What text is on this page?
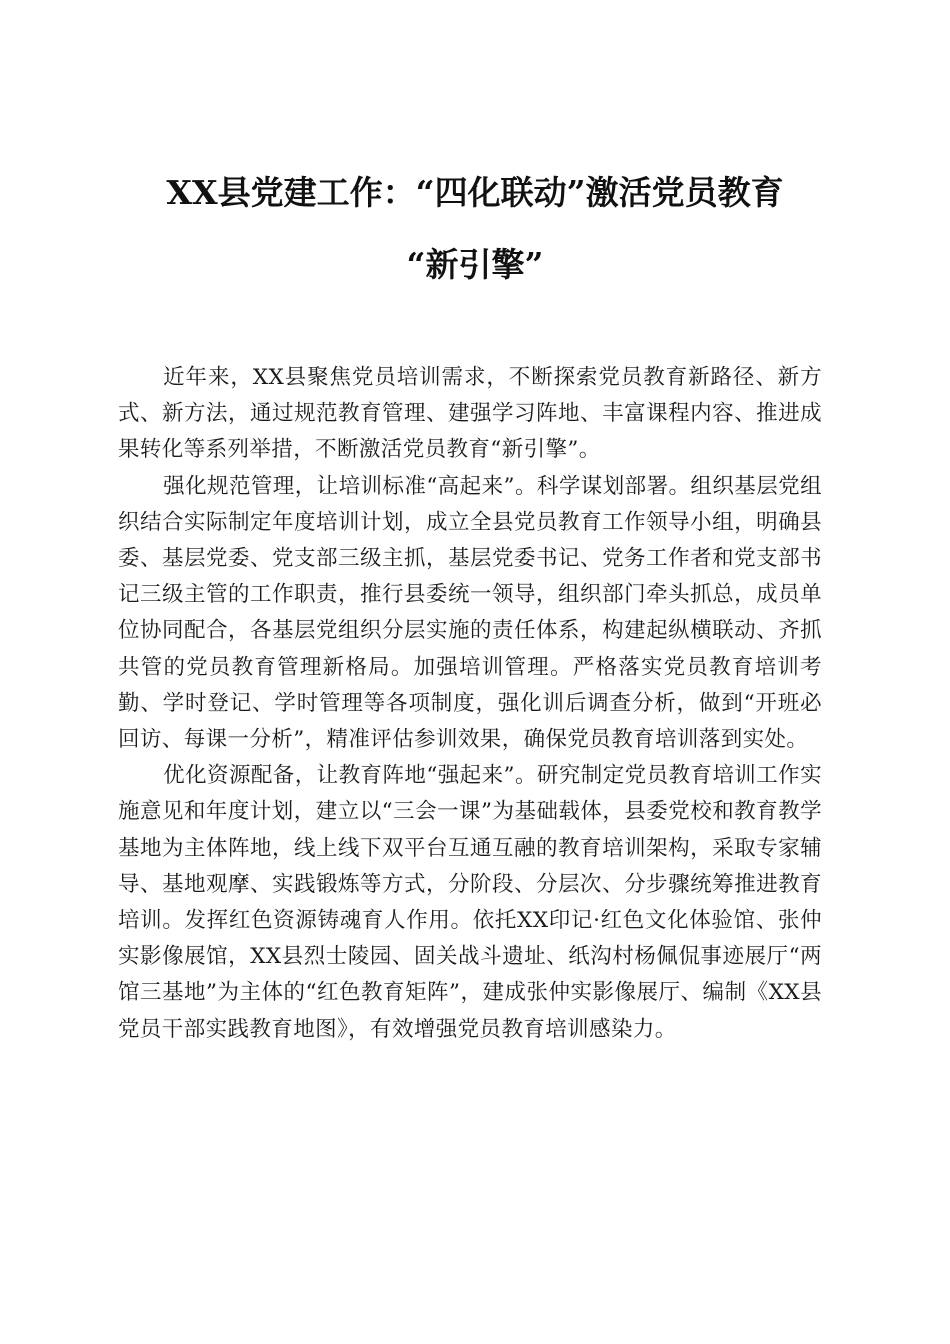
XX县党建工作：“四化联动”激活党员教育
“新引擎”

近年来，XX县聚焦党员培训需求，不断探索党员教育新路径、新方式、新方法，通过规范教育管理、建强学习阵地、丰富课程内容、推进成果转化等系列举措，不断激活党员教育“新引擎”。

强化规范管理，让培训标准“高起来”。科学谋划部署。组织基层党组织结合实际制定年度培训计划，成立全县党员教育工作领导小组，明确县委、基层党委、党支部三级主抓，基层党委书记、党务工作者和党支部书记三级主管的工作职责，推行县委统一领导，组织部门牵头抓总，成员单位协同配合，各基层党组织分层实施的责任体系，构建起纵横联动、齐抓共管的党员教育管理新格局。加强培训管理。严格落实党员教育培训考勤、学时登记、学时管理等各项制度，强化训后调查分析，做到“开班必回访、每课一分析”，精准评估参训效果，确保党员教育培训落到实处。

优化资源配备，让教育阵地“强起来”。研究制定党员教育培训工作实施意见和年度计划，建立以“三会一课”为基础载体，县委党校和教育教学基地为主体阵地，线上线下双平台互通互融的教育培训架构，采取专家辅导、基地观摩、实践锻炼等方式，分阶段、分层次、分步骤统筹推进教育培训。发挥红色资源铸魂育人作用。依托XX印记·红色文化体验馆、张仲实影像展馆，XX县烈士陵园、固关战斗遗址、纸沟村杨佩侃事迹展厅“两馆三基地”为主体的“红色教育矩阵”，建成张仲实影像展厅、编制《XX县党员干部实践教育地图》，有效增强党员教育培训感染力。
